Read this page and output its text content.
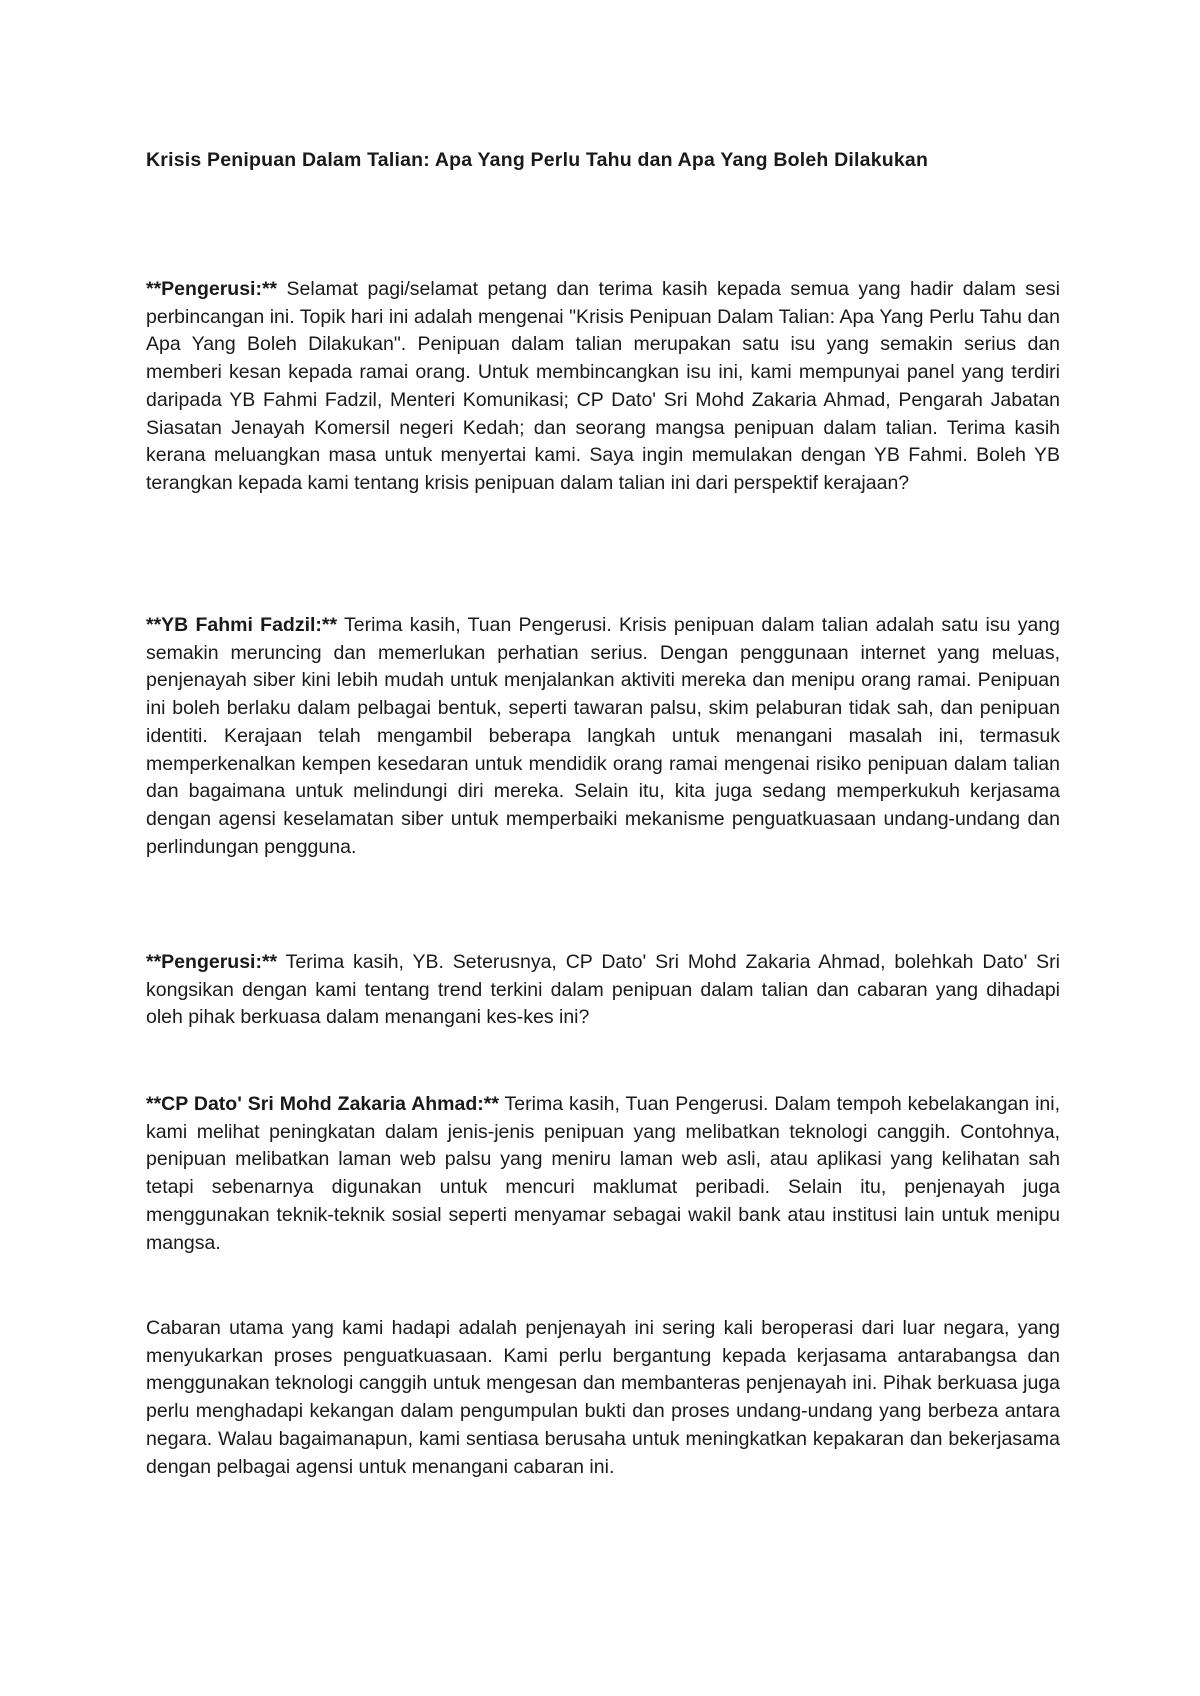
Krisis Penipuan Dalam Talian: Apa Yang Perlu Tahu dan Apa Yang Boleh Dilakukan

**Pengerusi:** Selamat pagi/selamat petang dan terima kasih kepada semua yang hadir dalam sesi perbincangan ini. Topik hari ini adalah mengenai "Krisis Penipuan Dalam Talian: Apa Yang Perlu Tahu dan Apa Yang Boleh Dilakukan". Penipuan dalam talian merupakan satu isu yang semakin serius dan memberi kesan kepada ramai orang. Untuk membincangkan isu ini, kami mempunyai panel yang terdiri daripada YB Fahmi Fadzil, Menteri Komunikasi; CP Dato' Sri Mohd Zakaria Ahmad, Pengarah Jabatan Siasatan Jenayah Komersil negeri Kedah; dan seorang mangsa penipuan dalam talian. Terima kasih kerana meluangkan masa untuk menyertai kami. Saya ingin memulakan dengan YB Fahmi. Boleh YB terangkan kepada kami tentang krisis penipuan dalam talian ini dari perspektif kerajaan?

**YB Fahmi Fadzil:** Terima kasih, Tuan Pengerusi. Krisis penipuan dalam talian adalah satu isu yang semakin meruncing dan memerlukan perhatian serius. Dengan penggunaan internet yang meluas, penjenayah siber kini lebih mudah untuk menjalankan aktiviti mereka dan menipu orang ramai. Penipuan ini boleh berlaku dalam pelbagai bentuk, seperti tawaran palsu, skim pelaburan tidak sah, dan penipuan identiti. Kerajaan telah mengambil beberapa langkah untuk menangani masalah ini, termasuk memperkenalkan kempen kesedaran untuk mendidik orang ramai mengenai risiko penipuan dalam talian dan bagaimana untuk melindungi diri mereka. Selain itu, kita juga sedang memperkukuh kerjasama dengan agensi keselamatan siber untuk memperbaiki mekanisme penguatkuasaan undang-undang dan perlindungan pengguna.

**Pengerusi:** Terima kasih, YB. Seterusnya, CP Dato' Sri Mohd Zakaria Ahmad, bolehkah Dato' Sri kongsikan dengan kami tentang trend terkini dalam penipuan dalam talian dan cabaran yang dihadapi oleh pihak berkuasa dalam menangani kes-kes ini?

**CP Dato' Sri Mohd Zakaria Ahmad:** Terima kasih, Tuan Pengerusi. Dalam tempoh kebelakangan ini, kami melihat peningkatan dalam jenis-jenis penipuan yang melibatkan teknologi canggih. Contohnya, penipuan melibatkan laman web palsu yang meniru laman web asli, atau aplikasi yang kelihatan sah tetapi sebenarnya digunakan untuk mencuri maklumat peribadi. Selain itu, penjenayah juga menggunakan teknik-teknik sosial seperti menyamar sebagai wakil bank atau institusi lain untuk menipu mangsa.

Cabaran utama yang kami hadapi adalah penjenayah ini sering kali beroperasi dari luar negara, yang menyukarkan proses penguatkuasaan. Kami perlu bergantung kepada kerjasama antarabangsa dan menggunakan teknologi canggih untuk mengesan dan membanteras penjenayah ini. Pihak berkuasa juga perlu menghadapi kekangan dalam pengumpulan bukti dan proses undang-undang yang berbeza antara negara. Walau bagaimanapun, kami sentiasa berusaha untuk meningkatkan kepakaran dan bekerjasama dengan pelbagai agensi untuk menangani cabaran ini.
